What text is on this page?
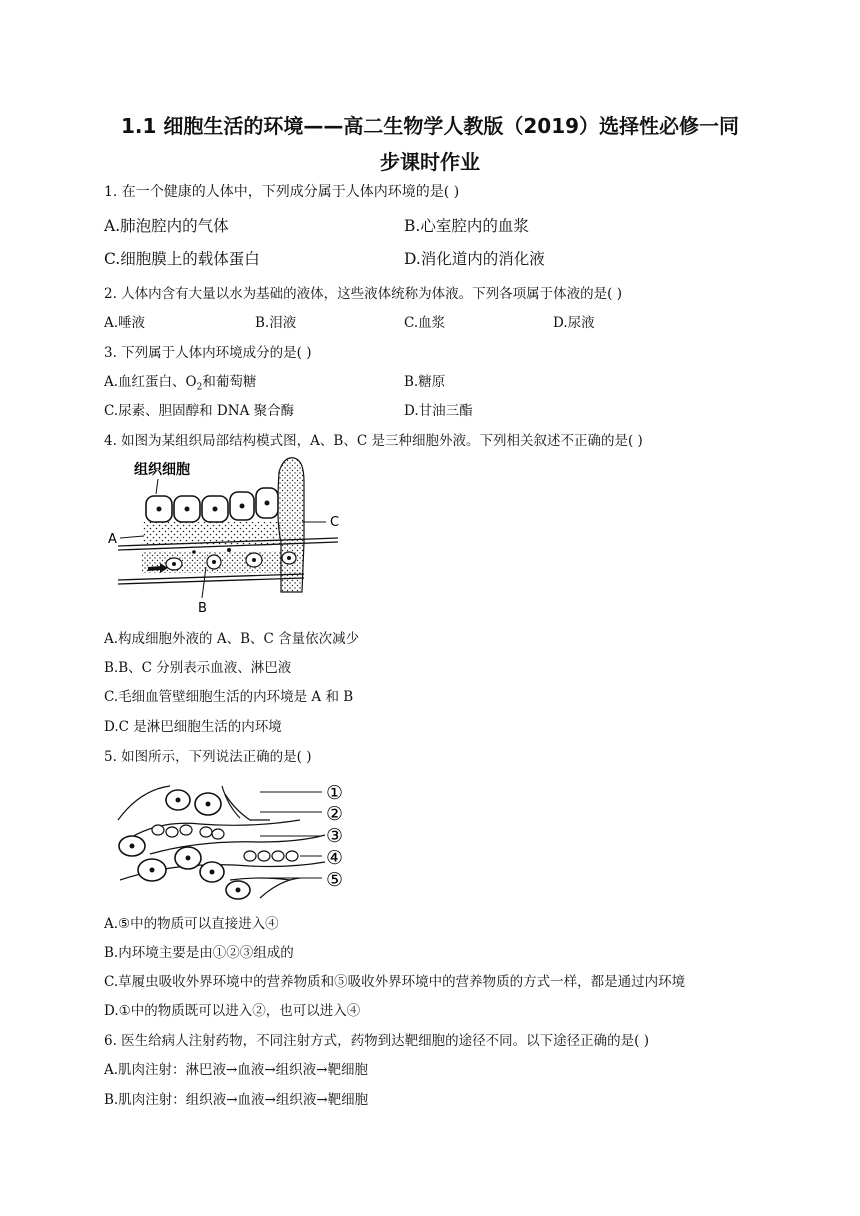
1.1 细胞生活的环境——高二生物学人教版（2019）选择性必修一同
步课时作业
1. 在一个健康的人体中，下列成分属于人体内环境的是( )
A.肺泡腔内的气体	B.心室腔内的血浆
C.细胞膜上的载体蛋白	D.消化道内的消化液
2. 人体内含有大量以水为基础的液体，这些液体统称为体液。下列各项属于体液的是( )
A.唾液	B.泪液	C.血浆	D.尿液
3. 下列属于人体内环境成分的是( )
A.血红蛋白、$O_2$和葡萄糖	B.糖原
C.尿素、胆固醇和 DNA 聚合酶	D.甘油三酯
4. 如图为某组织局部结构模式图，A、B、C 是三种细胞外液。下列相关叙述不正确的是( )
组织细胞
A
C
B
A.构成细胞外液的 A、B、C 含量依次减少
B.B、C 分别表示血液、淋巴液
C.毛细血管壁细胞生活的内环境是 A 和 B
D.C 是淋巴细胞生活的内环境
5. 如图所示，下列说法正确的是( )
①
②
③
④
⑤
A.⑤中的物质可以直接进入④
B.内环境主要是由①②③组成的
C.草履虫吸收外界环境中的营养物质和⑤吸收外界环境中的营养物质的方式一样，都是通过内环境
D.①中的物质既可以进入②，也可以进入④
6. 医生给病人注射药物，不同注射方式，药物到达靶细胞的途径不同。以下途径正确的是( )
A.肌肉注射：淋巴液→血液→组织液→靶细胞
B.肌肉注射：组织液→血液→组织液→靶细胞
